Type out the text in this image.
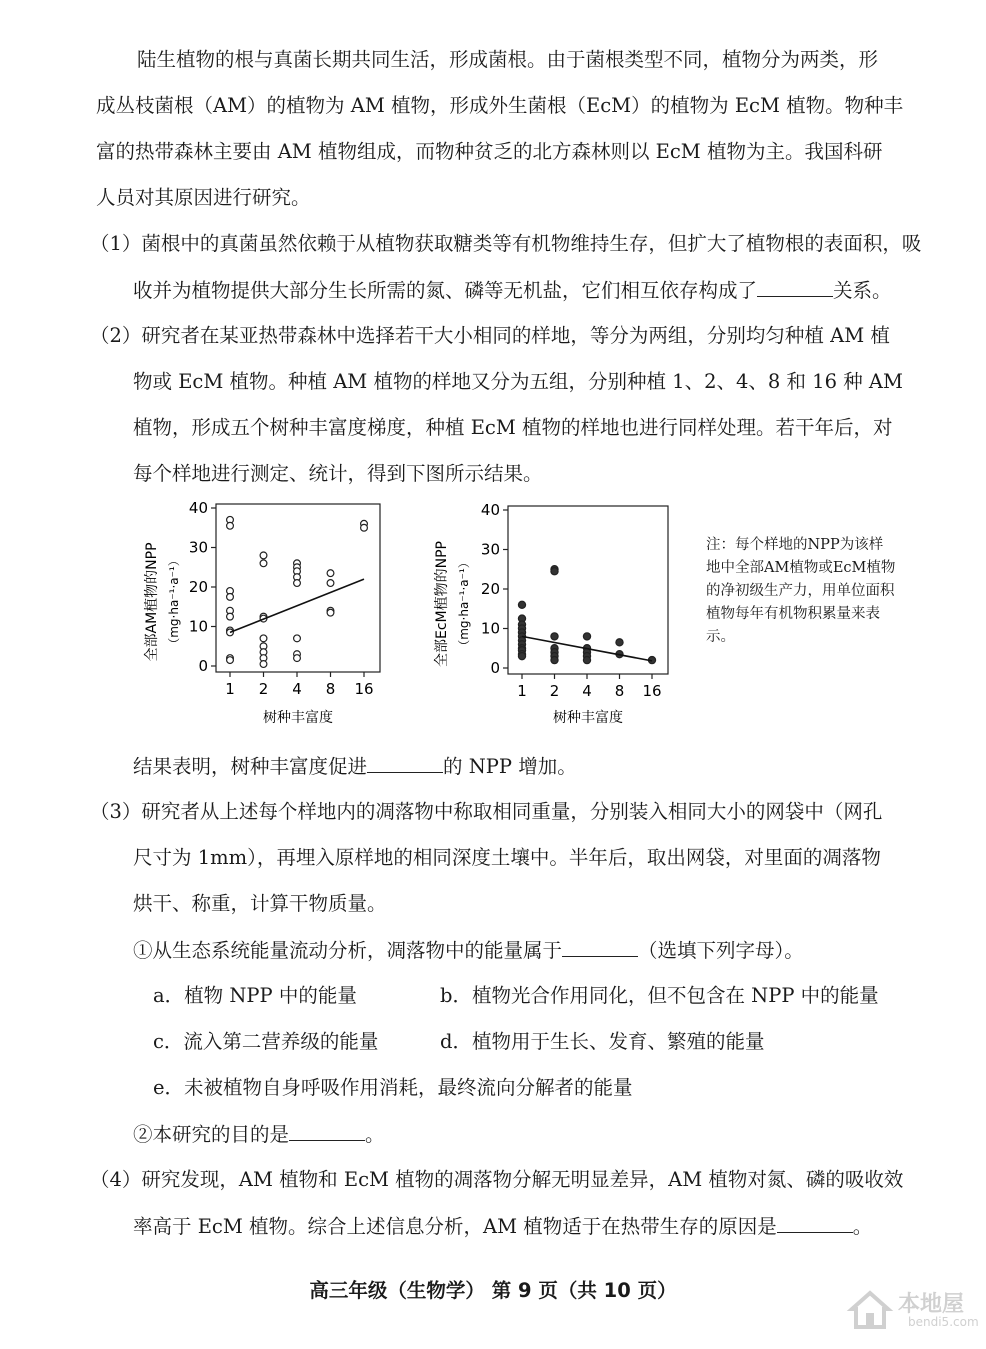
陆生植物的根与真菌长期共同生活，形成菌根。由于菌根类型不同，植物分为两类，形
成丛枝菌根（AM）的植物为 AM 植物，形成外生菌根（EcM）的植物为 EcM 植物。物种丰
富的热带森林主要由 AM 植物组成，而物种贫乏的北方森林则以 EcM 植物为主。我国科研
人员对其原因进行研究。
（1）菌根中的真菌虽然依赖于从植物获取糖类等有机物维持生存，但扩大了植物根的表面积，吸
收并为植物提供大部分生长所需的氮、磷等无机盐，它们相互依存构成了	关系。
（2）研究者在某亚热带森林中选择若干大小相同的样地，等分为两组，分别均匀种植 AM 植
物或 EcM 植物。种植 AM 植物的样地又分为五组，分别种植 1、2、4、8 和 16 种 AM
植物，形成五个树种丰富度梯度，种植 EcM 植物的样地也进行同样处理。若干年后，对
每个样地进行测定、统计，得到下图所示结果。
全部AM植物的NPP （mg·ha⁻¹·a⁻¹）
0
10
20
30
40
1 2 4 8 16
树种丰富度
全部EcM植物的NPP （mg·ha⁻¹·a⁻¹）
0
10
20
30
40
1 2 4 8 16
树种丰富度
注：每个样地的NPP为该样地中全部AM植物或EcM植物的净初级生产力，用单位面积植物每年有机物积累量来表示。
结果表明，树种丰富度促进	的 NPP 增加。
（3）研究者从上述每个样地内的凋落物中称取相同重量，分别装入相同大小的网袋中（网孔
尺寸为 1mm），再埋入原样地的相同深度土壤中。半年后，取出网袋，对里面的凋落物
烘干、称重，计算干物质量。
①从生态系统能量流动分析，凋落物中的能量属于	（选填下列字母）。
a．植物 NPP 中的能量	b．植物光合作用同化，但不包含在 NPP 中的能量
c．流入第二营养级的能量	d．植物用于生长、发育、繁殖的能量
e．未被植物自身呼吸作用消耗，最终流向分解者的能量
②本研究的目的是	。
（4）研究发现，AM 植物和 EcM 植物的凋落物分解无明显差异，AM 植物对氮、磷的吸收效
率高于 EcM 植物。综合上述信息分析，AM 植物适于在热带生存的原因是	。
高三年级（生物学） 第 9 页（共 10 页）
本地屋
bendi5.com
